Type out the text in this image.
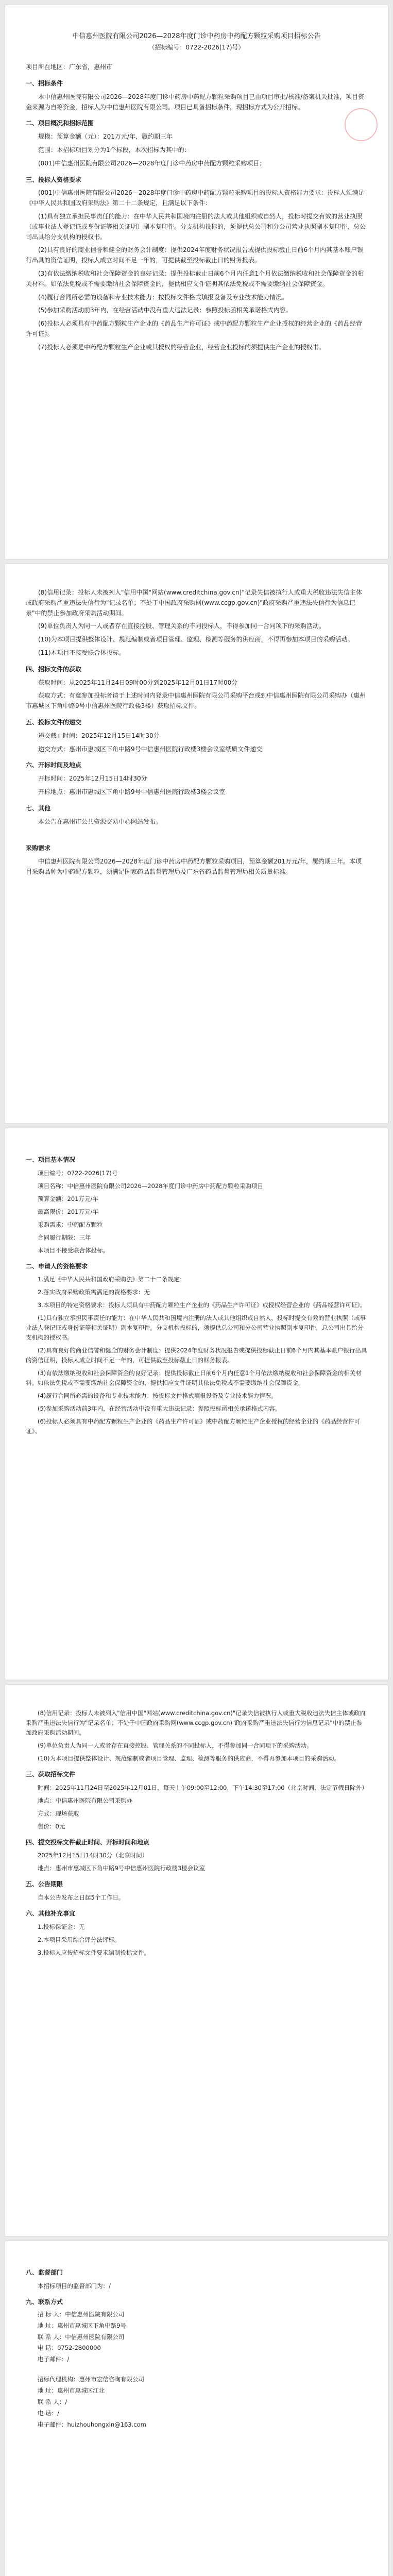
中信惠州医院有限公司2026—2028年度门诊中药房中药配方颗粒采购项目招标公告
（招标编号：0722-2026(17)号）
项目所在地区：广东省，惠州市
一、招标条件
本中信惠州医院有限公司2026—2028年度门诊中药房中药配方颗粒采购项目已由项目审批/核准/备案机关批准，项目资金来源为自筹资金，招标人为中信惠州医院有限公司。项目已具备招标条件，现招标方式为公开招标。
二、项目概况和招标范围
规模：预算金额（元）：201万元/年，履约期三年
范围：本招标项目划分为1个标段，本次招标为其中的：
(001)中信惠州医院有限公司2026—2028年度门诊中药房中药配方颗粒采购项目；
三、投标人资格要求
(001)中信惠州医院有限公司2026—2028年度门诊中药房中药配方颗粒采购项目的投标人资格能力要求：投标人须满足《中华人民共和国政府采购法》第二十二条规定，且满足以下条件：
(1)具有独立承担民事责任的能力：在中华人民共和国境内注册的法人或其他组织或自然人，投标时提交有效的营业执照（或事业法人登记证或身份证等相关证明）副本复印件。分支机构投标的，须提供总公司和分公司营业执照副本复印件，总公司出具给分支机构的授权书。
(2)具有良好的商业信誉和健全的财务会计制度：提供2024年度财务状况报告或提供投标截止日前6个月内其基本账户银行出具的资信证明，投标人成立时间不足一年的，可提供截至投标截止日的财务报表。
(3)有依法缴纳税收和社会保障资金的良好记录：提供投标截止日前6个月内任意1个月依法缴纳税收和社会保障资金的相关材料。如依法免税或不需要缴纳社会保障资金的，提供相应文件证明其依法免税或不需要缴纳社会保障资金。
(4)履行合同所必需的设备和专业技术能力：按投标文件格式填报设备及专业技术能力情况。
(5)参加采购活动前3年内，在经营活动中没有重大违法记录：参照投标函相关承诺格式内容。
(6)投标人必须具有中药配方颗粒生产企业的《药品生产许可证》或中药配方颗粒生产企业授权的经营企业的《药品经营许可证》。
(7)投标人必须是中药配方颗粒生产企业或其授权的经营企业，经营企业投标的须提供生产企业的授权书。
(8)信用记录：投标人未被列入"信用中国"网站(www.creditchina.gov.cn)"记录失信被执行人或重大税收违法失信主体或政府采购严重违法失信行为"记录名单；不处于中国政府采购网(www.ccgp.gov.cn)"政府采购严重违法失信行为信息记录"中的禁止参加政府采购活动期间。
(9)单位负责人为同一人或者存在直接控股、管理关系的不同投标人，不得参加同一合同项下的采购活动。
(10)为本项目提供整体设计、规范编制或者项目管理、监理、检测等服务的供应商，不得再参加本项目的采购活动。
(11)本项目不接受联合体投标。
四、招标文件的获取
获取时间：从2025年11月24日09时00分到2025年12月01日17时00分
获取方式：有意参加投标者请于上述时间内登录中信惠州医院有限公司采购平台或到中信惠州医院有限公司采购办（惠州市惠城区下角中路9号中信惠州医院行政楼3楼）获取招标文件。
五、投标文件的递交
递交截止时间：2025年12月15日14时30分
递交方式：惠州市惠城区下角中路9号中信惠州医院行政楼3楼会议室纸质文件递交
六、开标时间及地点
开标时间：2025年12月15日14时30分
开标地点：惠州市惠城区下角中路9号中信惠州医院行政楼3楼会议室
七、其他
本公告在惠州市公共资源交易中心网站发布。
采购需求
中信惠州医院有限公司2026—2028年度门诊中药房中药配方颗粒采购项目，预算金额201万元/年，履约期三年。本项目采购品种为中药配方颗粒，须满足国家药品监督管理局及广东省药品监督管理局相关质量标准。
一、项目基本情况
项目编号：0722-2026(17)号
项目名称：中信惠州医院有限公司2026—2028年度门诊中药房中药配方颗粒采购项目
预算金额：201万元/年
最高限价：201万元/年
采购需求：中药配方颗粒
合同履行期限：三年
本项目不接受联合体投标。
二、申请人的资格要求
1.满足《中华人民共和国政府采购法》第二十二条规定；
2.落实政府采购政策需满足的资格要求：无
3.本项目的特定资格要求：投标人须具有中药配方颗粒生产企业的《药品生产许可证》或授权经营企业的《药品经营许可证》。
(1)具有独立承担民事责任的能力：在中华人民共和国境内注册的法人或其他组织或自然人，投标时提交有效的营业执照（或事业法人登记证或身份证等相关证明）副本复印件。分支机构投标的，须提供总公司和分公司营业执照副本复印件，总公司出具给分支机构的授权书。
(2)具有良好的商业信誉和健全的财务会计制度：提供2024年度财务状况报告或提供投标截止日前6个月内其基本账户银行出具的资信证明，投标人成立时间不足一年的，可提供截至投标截止日的财务报表。
(3)有依法缴纳税收和社会保障资金的良好记录：提供投标截止日前6个月内任意1个月依法缴纳税收和社会保障资金的相关材料。如依法免税或不需要缴纳社会保障资金的，提供相应文件证明其依法免税或不需要缴纳社会保障资金。
(4)履行合同所必需的设备和专业技术能力：按投标文件格式填报设备及专业技术能力情况。
(5)参加采购活动前3年内，在经营活动中没有重大违法记录：参照投标函相关承诺格式内容。
(6)投标人必须具有中药配方颗粒生产企业的《药品生产许可证》或中药配方颗粒生产企业授权的经营企业的《药品经营许可证》。
(8)信用记录：投标人未被列入"信用中国"网站(www.creditchina.gov.cn)"记录失信被执行人或重大税收违法失信主体或政府采购严重违法失信行为"记录名单；不处于中国政府采购网(www.ccgp.gov.cn)"政府采购严重违法失信行为信息记录"中的禁止参加政府采购活动期间。
(9)单位负责人为同一人或者存在直接控股、管理关系的不同投标人，不得参加同一合同项下的采购活动。
(10)为本项目提供整体设计、规范编制或者项目管理、监理、检测等服务的供应商，不得再参加本项目的采购活动。
三、获取招标文件
时间：2025年11月24日至2025年12月01日，每天上午09:00至12:00，下午14:30至17:00（北京时间，法定节假日除外）
地点：中信惠州医院有限公司采购办
方式：现场获取
售价：0元
四、提交投标文件截止时间、开标时间和地点
2025年12月15日14时30分（北京时间）
地点：惠州市惠城区下角中路9号中信惠州医院行政楼3楼会议室
五、公告期限
自本公告发布之日起5个工作日。
六、其他补充事宜
1.投标保证金：无
2.本项目采用综合评分法评标。
3.投标人应按招标文件要求编制投标文件。
八、监督部门
本招标项目的监督部门为：/
九、联系方式
招 标 人：中信惠州医院有限公司
地 址：惠州市惠城区下角中路9号
联 系 人：中信惠州医院有限公司
电 话：0752-2800000
电子邮件：/
招标代理机构：惠州市宏信咨询有限公司
地 址：惠州市惠城区江北
联 系 人：/
电 话：/
电子邮件：huizhouhongxin@163.com
